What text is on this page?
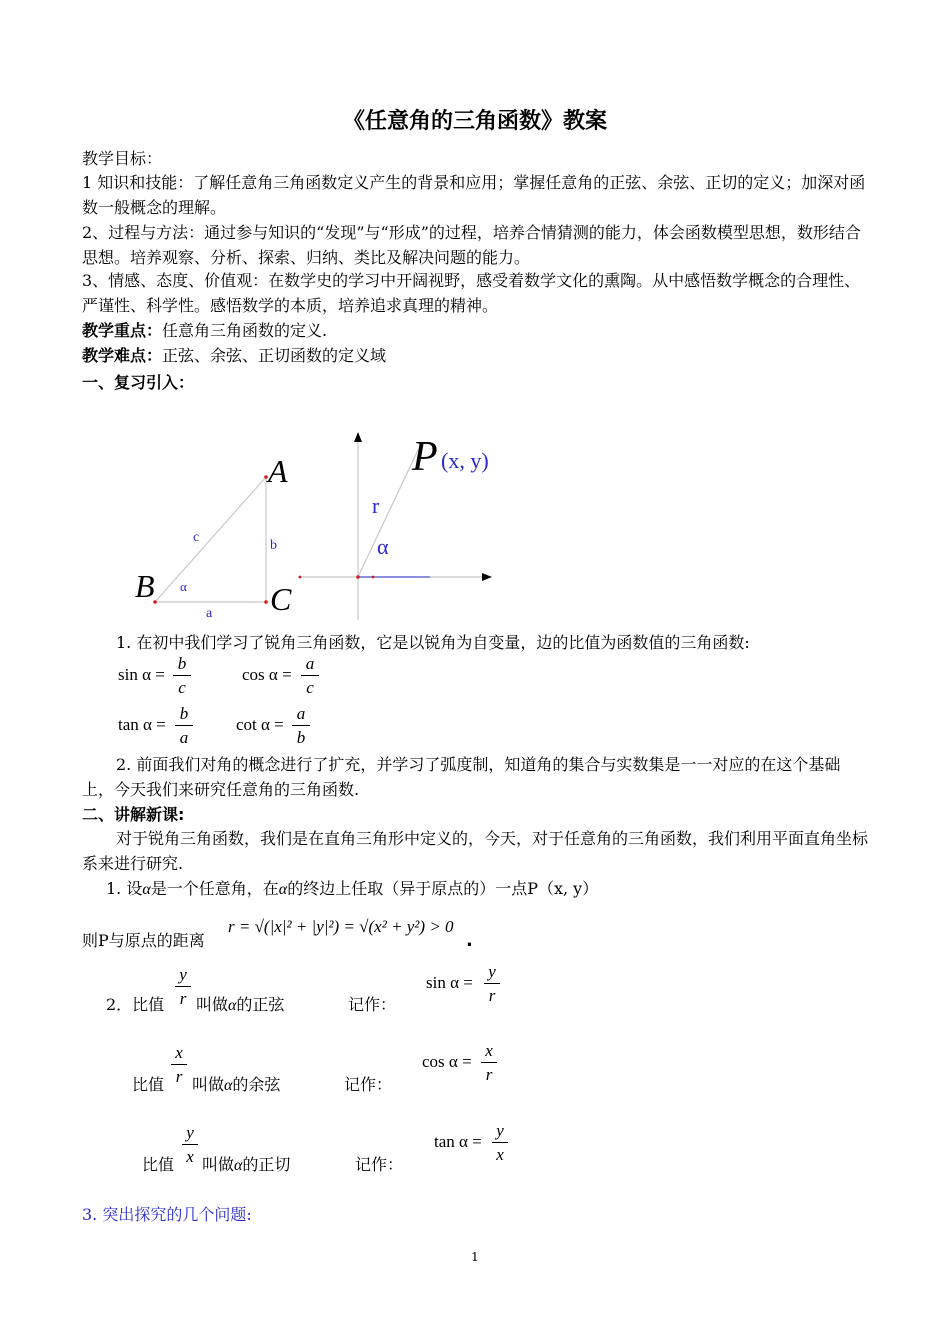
《任意角的三角函数》教案
教学目标：
1 知识和技能：了解任意角三角函数定义产生的背景和应用；掌握任意角的正弦、余弦、正切的定义；加深对函数一般概念的理解。
2、过程与方法：通过参与知识的“发现”与“形成”的过程，培养合情猜测的能力，体会函数模型思想，数形结合思想。培养观察、分析、探索、归纳、类比及解决问题的能力。
3、情感、态度、价值观：在数学史的学习中开阔视野，感受着数学文化的熏陶。从中感悟数学概念的合理性、严谨性、科学性。感悟数学的本质，培养追求真理的精神。
教学重点：任意角三角函数的定义.
教学难点：正弦、余弦、正切函数的定义域
一、复习引入：
A
B	C
c
b
a
α
P (x, y)
r
α
1. 在初中我们学习了锐角三角函数，它是以锐角为自变量，边的比值为函数值的三角函数:
sin α =
b
c
cos α =
a
c
tan α =
b
a
cot α =
a
b
2. 前面我们对角的概念进行了扩充，并学习了弧度制，知道角的集合与实数集是一一对应的在这个基础上，今天我们来研究任意角的三角函数.
二、讲解新课:
对于锐角三角函数，我们是在直角三角形中定义的，今天，对于任意角的三角函数，我们利用平面直角坐标系来进行研究.
1. 设α是一个任意角，在α的终边上任取（异于原点的）一点P（x, y）
则P与原点的距离
r = √(|x|² + |y|²) = √(x² + y²) > 0
.
2．比值
y
r 叫做α的正弦	记作：
sin α =
y
r
比值
x
r 叫做α的余弦	记作：
cos α =
x
r
比值
y
x 叫做α的正切	记作：
tan α =
y
x
3. 突出探究的几个问题:
1
